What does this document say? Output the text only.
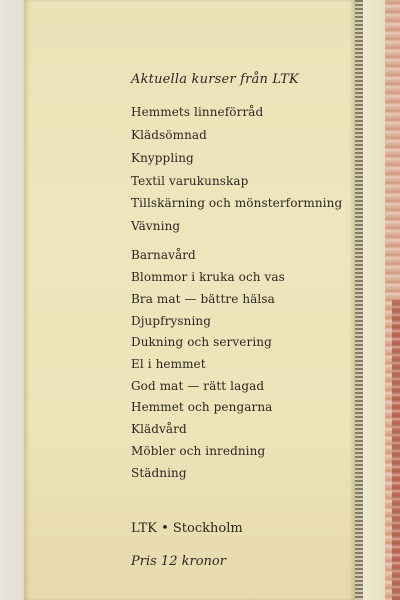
Aktuella kurser från LTK
Hemmets linneförråd
Klädsömnad
Knyppling
Textil varukunskap
Tillskärning och mönsterformning
Vävning
Barnavård
Blommor i kruka och vas
Bra mat — bättre hälsa
Djupfrysning
Dukning och servering
El i hemmet
God mat — rätt lagad
Hemmet och pengarna
Klädvård
Möbler och inredning
Städning
LTK • Stockholm
Pris 12 kronor
